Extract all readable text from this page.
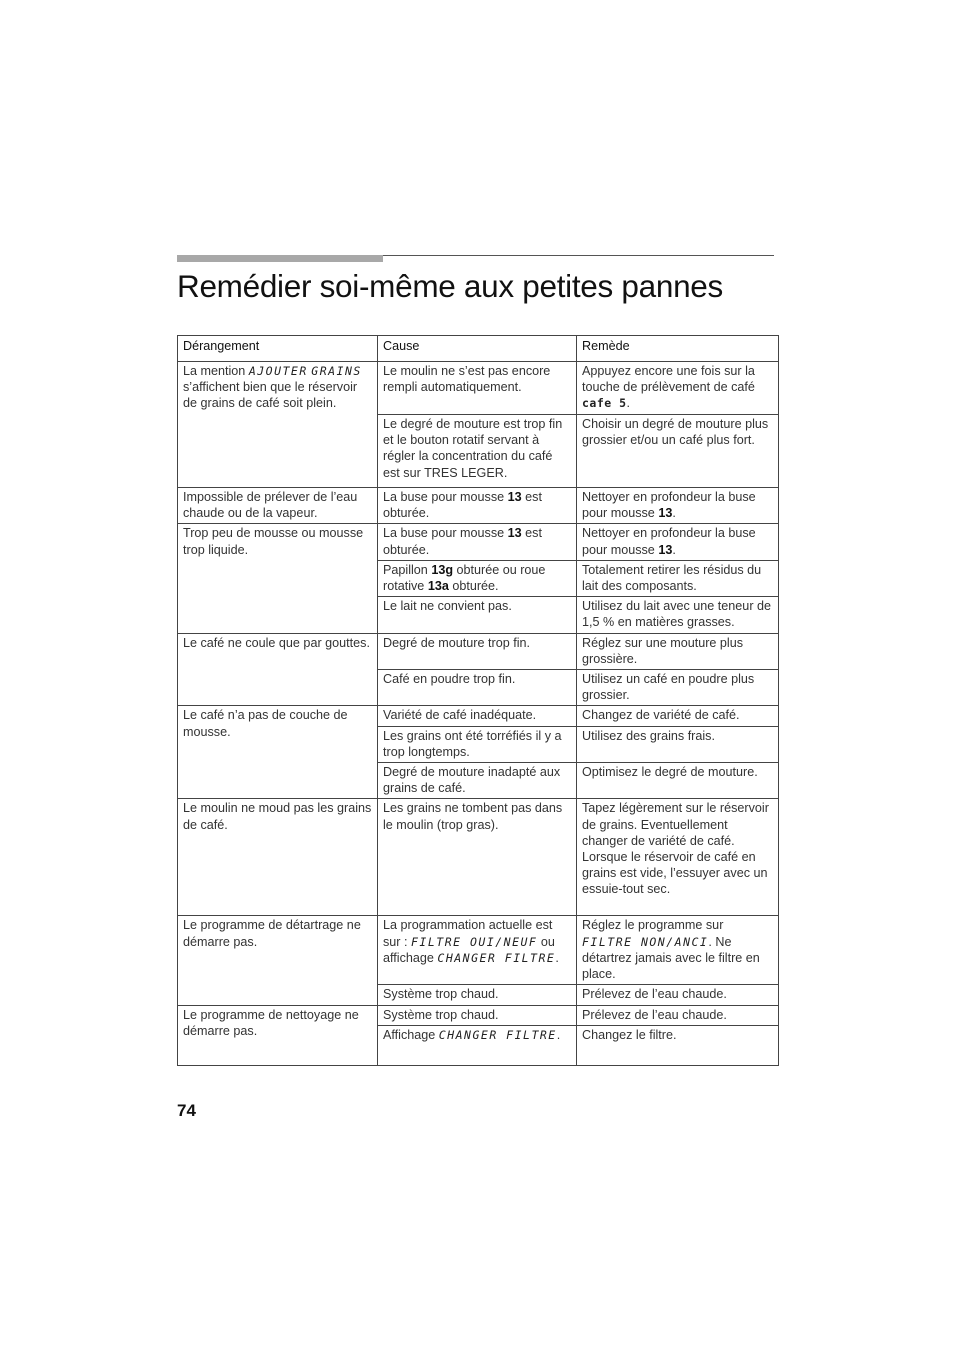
Remédier soi-même aux petites pannes
Dérangement	Cause	Remède
La mention AJOUTER GRAINS s’affichent bien que le réservoir de grains de café soit plein.	Le moulin ne s’est pas encore rempli automatiquement.	Appuyez encore une fois sur la touche de prélèvement de café cafe 5.
	Le degré de mouture est trop fin et le bouton rotatif servant à régler la concentration du café est sur TRES LEGER.	Choisir un degré de mouture plus grossier et/ou un café plus fort.
Impossible de prélever de l’eau chaude ou de la vapeur.	La buse pour mousse 13 est obturée.	Nettoyer en profondeur la buse pour mousse 13.
Trop peu de mousse ou mousse trop liquide.	La buse pour mousse 13 est obturée.	Nettoyer en profondeur la buse pour mousse 13.
	Papillon 13g obturée ou roue rotative 13a obturée.	Totalement retirer les résidus du lait des composants.
	Le lait ne convient pas.	Utilisez du lait avec une teneur de 1,5 % en matières grasses.
Le café ne coule que par gouttes.	Degré de mouture trop fin.	Réglez sur une mouture plus grossière.
	Café en poudre trop fin.	Utilisez un café en poudre plus grossier.
Le café n’a pas de couche de mousse.	Variété de café inadéquate.	Changez de variété de café.
	Les grains ont été torréfiés il y a trop longtemps.	Utilisez des grains frais.
	Degré de mouture inadapté aux grains de café.	Optimisez le degré de mouture.
Le moulin ne moud pas les grains de café.	Les grains ne tombent pas dans le moulin (trop gras).	Tapez légèrement sur le réservoir de grains. Eventuellement changer de variété de café. Lorsque le réservoir de café en grains est vide, l’essuyer avec un essuie-tout sec.
Le programme de détartrage ne démarre pas.	La programmation actuelle est sur : FILTRE OUI/NEUF ou affichage CHANGER FILTRE.	Réglez le programme sur FILTRE NON/ANCI. Ne détartrez jamais avec le filtre en place.
	Système trop chaud.	Prélevez de l’eau chaude.
Le programme de nettoyage ne démarre pas.	Système trop chaud.	Prélevez de l’eau chaude.
	Affichage CHANGER FILTRE.	Changez le filtre.
74
